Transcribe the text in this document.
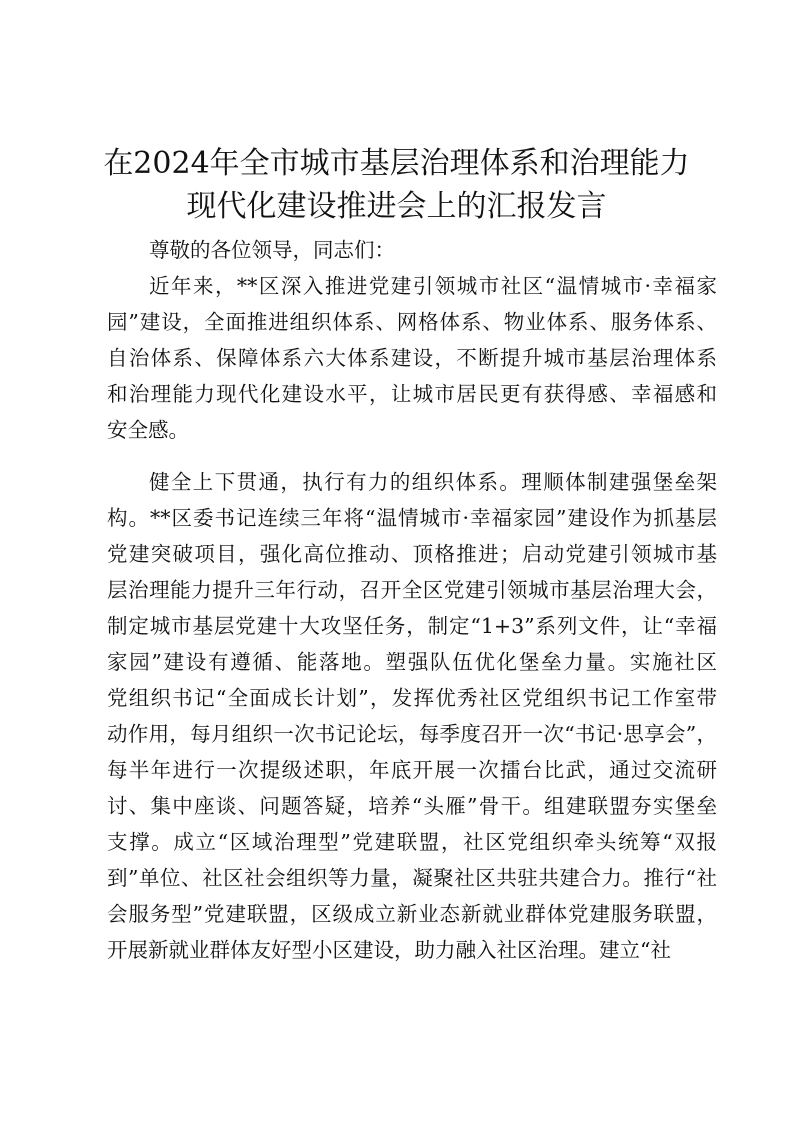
在2024年全市城市基层治理体系和治理能力
现代化建设推进会上的汇报发言
尊敬的各位领导，同志们：
近年来，**区深入推进党建引领城市社区“温情城市·幸福家
园”建设，全面推进组织体系、网格体系、物业体系、服务体系、
自治体系、保障体系六大体系建设，不断提升城市基层治理体系
和治理能力现代化建设水平，让城市居民更有获得感、幸福感和
安全感。
健全上下贯通，执行有力的组织体系。理顺体制建强堡垒架
构。**区委书记连续三年将“温情城市·幸福家园”建设作为抓基层
党建突破项目，强化高位推动、顶格推进；启动党建引领城市基
层治理能力提升三年行动，召开全区党建引领城市基层治理大会，
制定城市基层党建十大攻坚任务，制定“1+3”系列文件，让“幸福
家园”建设有遵循、能落地。塑强队伍优化堡垒力量。实施社区
党组织书记“全面成长计划”，发挥优秀社区党组织书记工作室带
动作用，每月组织一次书记论坛，每季度召开一次“书记·思享会”，
每半年进行一次提级述职，年底开展一次擂台比武，通过交流研
讨、集中座谈、问题答疑，培养“头雁”骨干。组建联盟夯实堡垒
支撑。成立“区域治理型”党建联盟，社区党组织牵头统筹“双报
到”单位、社区社会组织等力量，凝聚社区共驻共建合力。推行“社
会服务型”党建联盟，区级成立新业态新就业群体党建服务联盟，
开展新就业群体友好型小区建设，助力融入社区治理。建立“社
